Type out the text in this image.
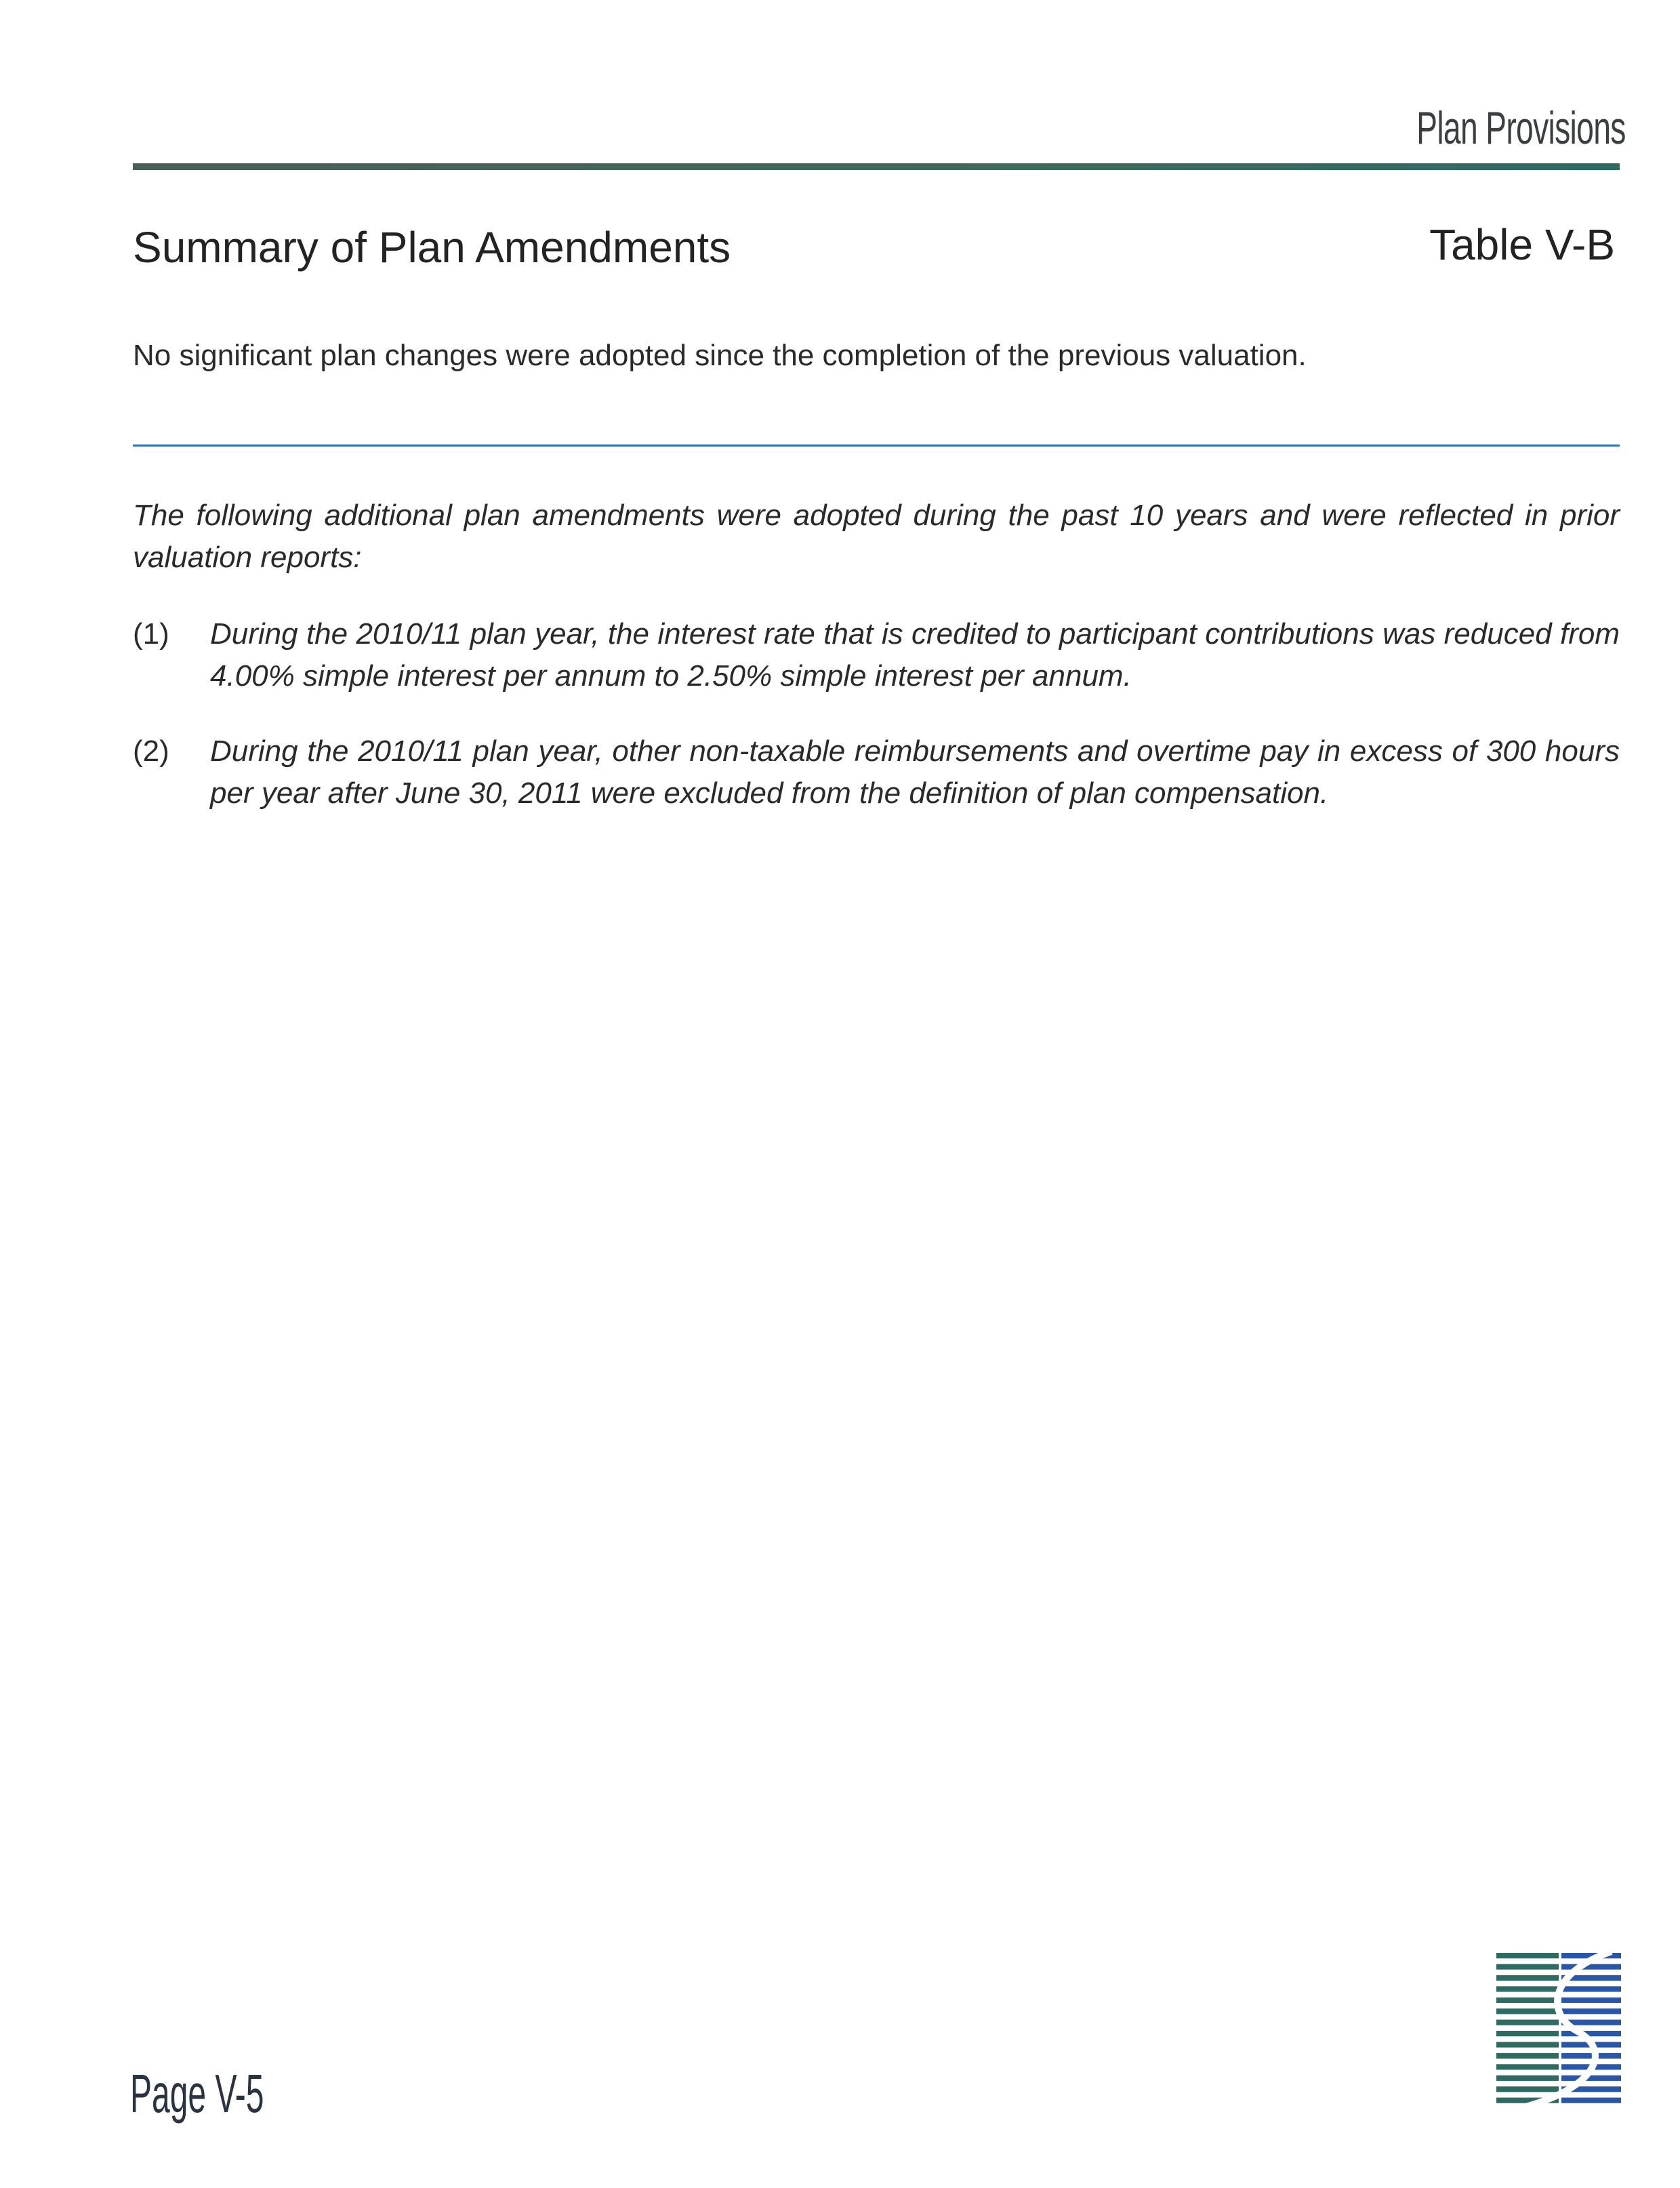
Plan Provisions
Summary of Plan Amendments	Table V-B
No significant plan changes were adopted since the completion of the previous valuation.
The following additional plan amendments were adopted during the past 10 years and were reflected in prior valuation reports:
(1) During the 2010/11 plan year, the interest rate that is credited to participant contributions was reduced from 4.00% simple interest per annum to 2.50% simple interest per annum.
(2) During the 2010/11 plan year, other non-taxable reimbursements and overtime pay in excess of 300 hours per year after June 30, 2011 were excluded from the definition of plan compensation.
Page V-5
